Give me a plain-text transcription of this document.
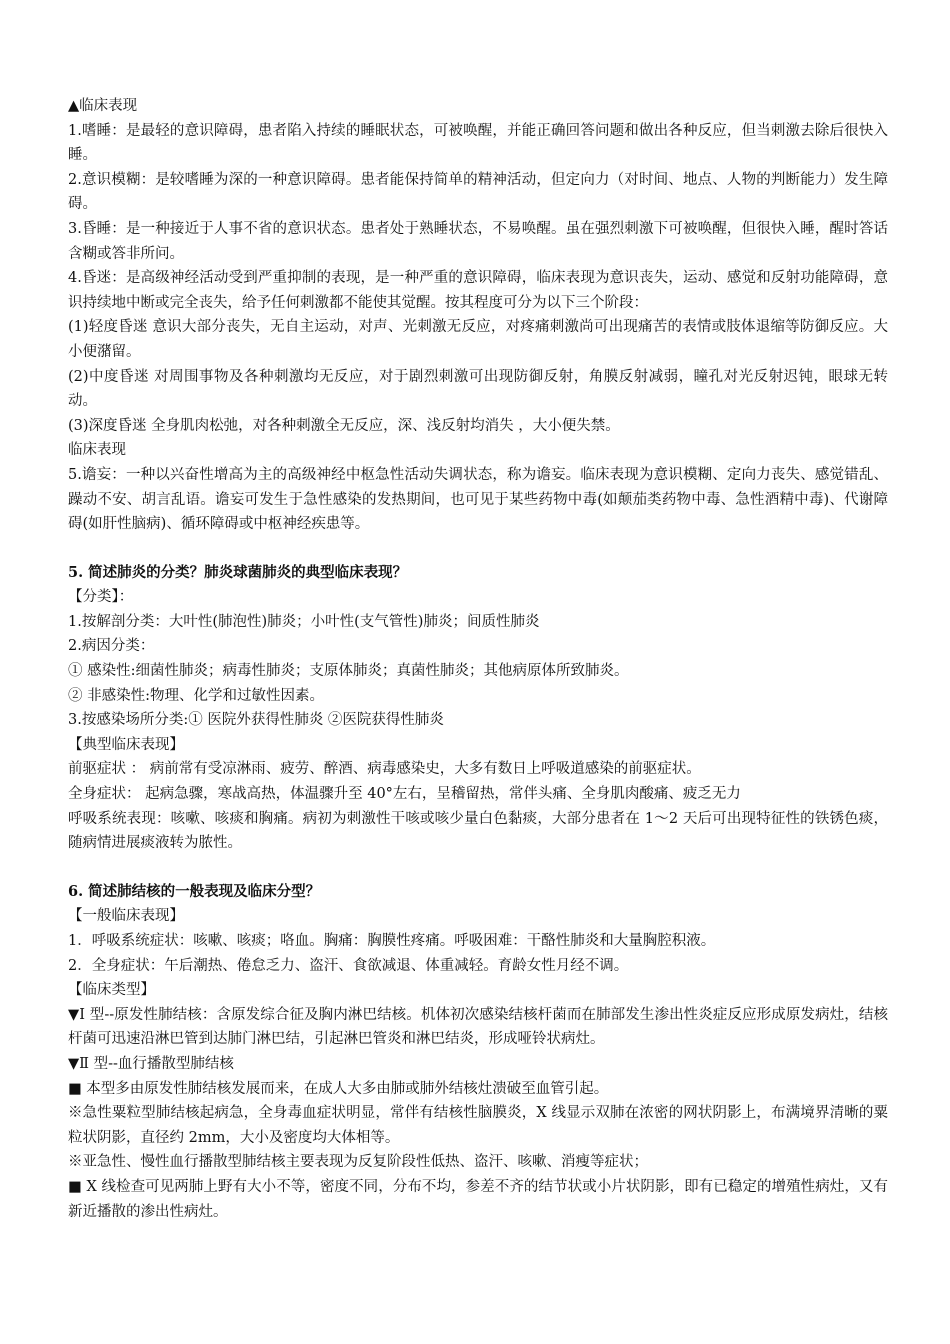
▲临床表现

1.嗜睡：是最轻的意识障碍，患者陷入持续的睡眠状态，可被唤醒，并能正确回答问题和做出各种反应，但当刺激去除后很快入睡。

2.意识模糊：是较嗜睡为深的一种意识障碍。患者能保持简单的精神活动，但定向力（对时间、地点、人物的判断能力）发生障碍。

3.昏睡：是一种接近于人事不省的意识状态。患者处于熟睡状态，不易唤醒。虽在强烈刺激下可被唤醒，但很快入睡，醒时答话含糊或答非所问。

4.昏迷：是高级神经活动受到严重抑制的表现，是一种严重的意识障碍，临床表现为意识丧失，运动、感觉和反射功能障碍，意识持续地中断或完全丧失，给予任何刺激都不能使其觉醒。按其程度可分为以下三个阶段：

(1)轻度昏迷 意识大部分丧失，无自主运动，对声、光刺激无反应，对疼痛刺激尚可出现痛苦的表情或肢体退缩等防御反应。大小便潴留。

(2)中度昏迷 对周围事物及各种刺激均无反应，对于剧烈刺激可出现防御反射，角膜反射减弱，瞳孔对光反射迟钝，眼球无转动。

(3)深度昏迷 全身肌肉松弛，对各种刺激全无反应，深、浅反射均消失 ，大小便失禁。

临床表现

5.谵妄：一种以兴奋性增高为主的高级神经中枢急性活动失调状态，称为谵妄。临床表现为意识模糊、定向力丧失、感觉错乱、躁动不安、胡言乱语。谵妄可发生于急性感染的发热期间，也可见于某些药物中毒(如颠茄类药物中毒、急性酒精中毒)、代谢障碍(如肝性脑病)、循环障碍或中枢神经疾患等。

5. 简述肺炎的分类？肺炎球菌肺炎的典型临床表现？

【分类】：

1.按解剖分类：大叶性(肺泡性)肺炎；小叶性(支气管性)肺炎；间质性肺炎

2.病因分类：

① 感染性:细菌性肺炎；病毒性肺炎；支原体肺炎；真菌性肺炎；其他病原体所致肺炎。

② 非感染性:物理、化学和过敏性因素。

3.按感染场所分类:① 医院外获得性肺炎 ②医院获得性肺炎

【典型临床表现】

前驱症状 ： 病前常有受凉淋雨、疲劳、醉酒、病毒感染史，大多有数日上呼吸道感染的前驱症状。

全身症状： 起病急骤，寒战高热，体温骤升至 40°左右，呈稽留热，常伴头痛、全身肌肉酸痛、疲乏无力

呼吸系统表现：咳嗽、咳痰和胸痛。病初为刺激性干咳或咳少量白色黏痰，大部分患者在 1～2 天后可出现特征性的铁锈色痰，随病情进展痰液转为脓性。

6. 简述肺结核的一般表现及临床分型？

【一般临床表现】

1．呼吸系统症状：咳嗽、咳痰；咯血。胸痛：胸膜性疼痛。呼吸困难：干酪性肺炎和大量胸腔积液。

2．全身症状：午后潮热、倦怠乏力、盗汗、食欲减退、体重减轻。育龄女性月经不调。

【临床类型】

▼Ⅰ 型--原发性肺结核：含原发综合征及胸内淋巴结核。机体初次感染结核杆菌而在肺部发生渗出性炎症反应形成原发病灶，结核杆菌可迅速沿淋巴管到达肺门淋巴结，引起淋巴管炎和淋巴结炎，形成哑铃状病灶。

▼Ⅱ 型--血行播散型肺结核

■ 本型多由原发性肺结核发展而来，在成人大多由肺或肺外结核灶溃破至血管引起。

※急性粟粒型肺结核起病急，全身毒血症状明显，常伴有结核性脑膜炎，X 线显示双肺在浓密的网状阴影上，布满境界清晰的粟粒状阴影，直径约 2mm，大小及密度均大体相等。

※亚急性、慢性血行播散型肺结核主要表现为反复阶段性低热、盗汗、咳嗽、消瘦等症状；

■ X 线检查可见两肺上野有大小不等，密度不同，分布不均，参差不齐的结节状或小片状阴影，即有已稳定的增殖性病灶，又有新近播散的渗出性病灶。
